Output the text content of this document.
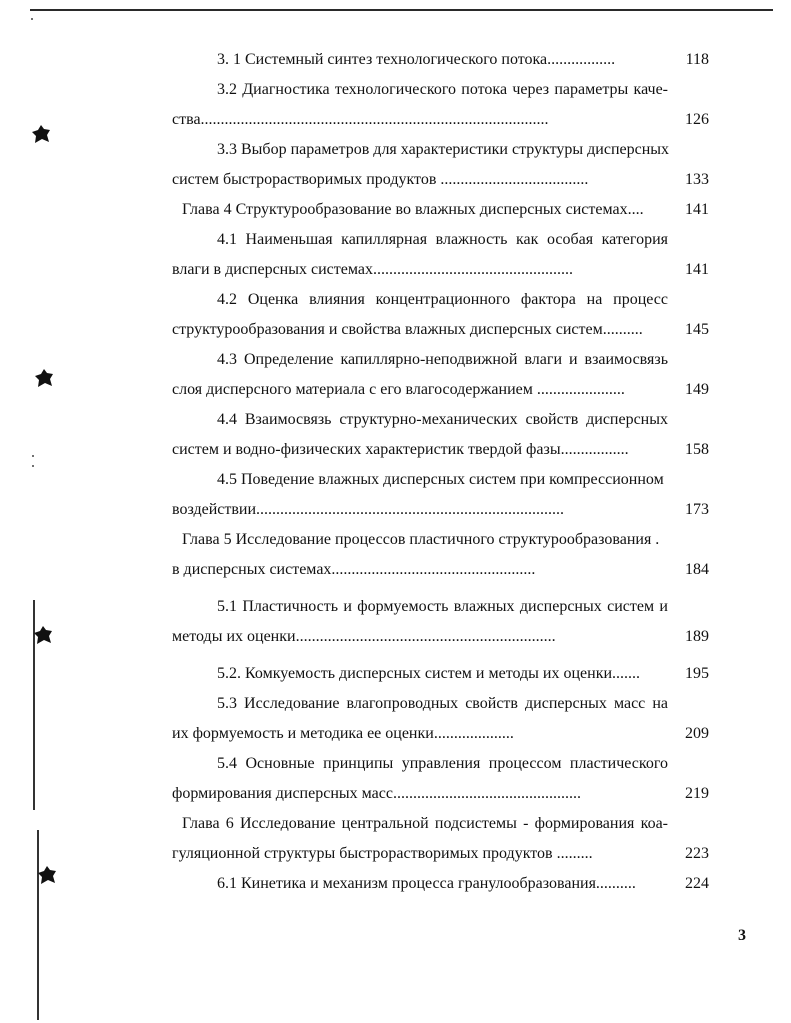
3. 1 Системный синтез технологического потока.................	118
3.2 Диагностика технологического потока через параметры каче-
ства.......................................................................................	126
3.3 Выбор параметров для характеристики структуры дисперсных
систем быстрорастворимых продуктов .....................................	133
Глава 4 Структурообразование во влажных дисперсных системах....	141
4.1 Наименьшая капиллярная влажность как особая категория
влаги в дисперсных системах..................................................	141
4.2 Оценка влияния концентрационного фактора на процесс
структурообразования и свойства влажных дисперсных систем..........	145
4.3 Определение капиллярно-неподвижной влаги и взаимосвязь
слоя дисперсного материала с его влагосодержанием ......................	149
4.4 Взаимосвязь структурно-механических свойств дисперсных
систем и водно-физических характеристик твердой фазы.................	158
4.5 Поведение влажных дисперсных систем при компрессионном
воздействии.............................................................................	173
Глава 5 Исследование процессов пластичного структурообразования .
в дисперсных системах...................................................	184
5.1 Пластичность и формуемость влажных дисперсных систем и
методы их оценки.................................................................	189
5.2. Комкуемость дисперсных систем и методы их оценки.......	195
5.3 Исследование влагопроводных свойств дисперсных масс на
их формуемость и методика ее оценки....................	209
5.4 Основные принципы управления процессом пластического
формирования дисперсных масс...............................................	219
Глава 6 Исследование центральной подсистемы - формирования коа-
гуляционной структуры быстрорастворимых продуктов .........	223
6.1 Кинетика и механизм процесса гранулообразования..........	224
3
